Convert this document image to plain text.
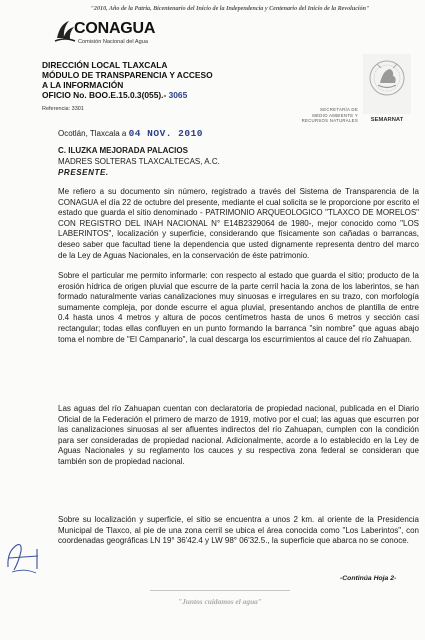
"2010, Año de la Patria, Bicentenario del Inicio de la Independencia y Centenario del Inicio de la Revolución"
CONAGUA
Comisión Nacional del Agua
DIRECCIÓN LOCAL TLAXCALA
MÓDULO DE TRANSPARENCIA Y ACCESO
A LA INFORMACIÓN
OFICIO No. BOO.E.15.0.3(055).- 3065
Referencia: 3301
SEMARNAT
SECRETARÍA DE
MEDIO AMBIENTE Y
RECURSOS NATURALES
Ocotlán, Tlaxcala a 04 NOV. 2010
C. ILUZKA MEJORADA PALACIOS
MADRES SOLTERAS TLAXCALTECAS, A.C.
PRESENTE.
Me refiero a su documento sin número, registrado a través del Sistema de Transparencia de la CONAGUA el día 22 de octubre del presente, mediante el cual solicita se le proporcione por escrito el estado que guarda el sitio denominado - PATRIMONIO ARQUEOLOGICO "TLAXCO DE MORELOS" CON REGISTRO DEL INAH NACIONAL N° E14B2329064 de 1980-, mejor conocido como "LOS LABERINTOS", localización y superficie, considerando que físicamente son cañadas o barrancas, deseo saber que facultad tiene la dependencia que usted dignamente representa dentro del marco de la Ley de Aguas Nacionales, en la conservación de éste patrimonio.
Sobre el particular me permito informarle: con respecto al estado que guarda el sitio; producto de la erosión hídrica de origen pluvial que escurre de la parte cerril hacia la zona de los laberintos, se han formado naturalmente varias canalizaciones muy sinuosas e irregulares en su trazo, con morfología sumamente compleja, por donde escurre el agua pluvial, presentando anchos de plantilla de entre 0.4 hasta unos 4 metros y altura de pocos centímetros hasta de unos 6 metros y sección casi rectangular; todas ellas confluyen en un punto formando la barranca "sin nombre" que aguas abajo toma el nombre de "El Campanario", la cual descarga los escurrimientos al cauce del río Zahuapan.
Las aguas del río Zahuapan cuentan con declaratoria de propiedad nacional, publicada en el Diario Oficial de la Federación el primero de marzo de 1919, motivo por el cual; las aguas que escurren por las canalizaciones sinuosas al ser afluentes indirectos del río Zahuapan, cumplen con la condición para ser consideradas de propiedad nacional. Adicionalmente, acorde a lo establecido en la Ley de Aguas Nacionales y su reglamento los cauces y su respectiva zona federal se consideran que también son de propiedad nacional.
Sobre su localización y superficie, el sitio se encuentra a unos 2 km. al oriente de la Presidencia Municipal de Tlaxco, al pie de una zona cerril se ubica el área conocida como "Los Laberintos", con coordenadas geográficas LN 19° 36'42.4 y LW 98° 06'32.5., la superficie que abarca no se conoce.
-Continúa Hoja 2-
"Juntos cuidamos el agua"
